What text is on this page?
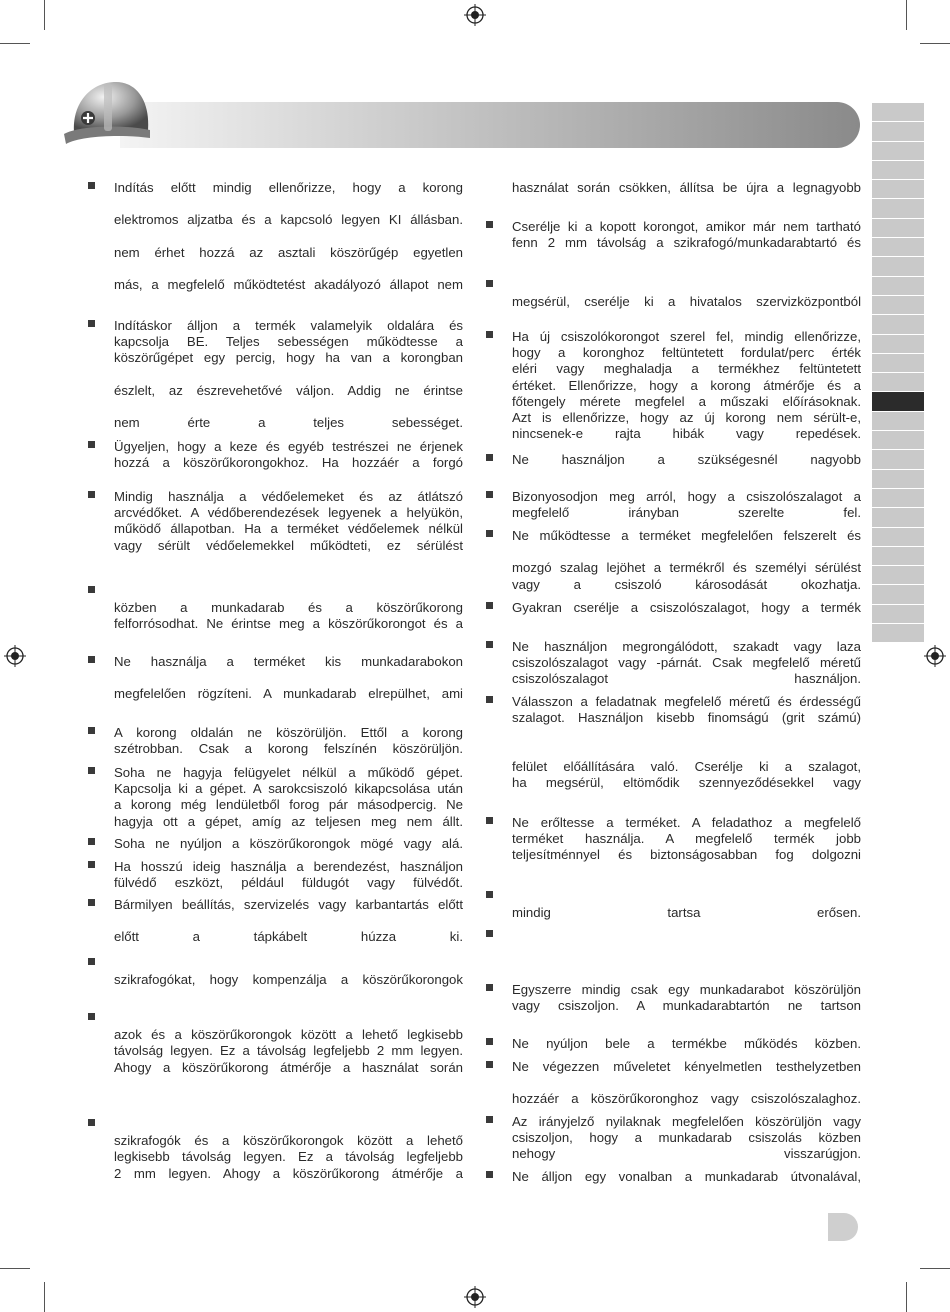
Indítás előtt mindig ellenőrizze, hogy a korong

elektromos aljzatba és a kapcsoló legyen KI állásban.

nem érhet hozzá az asztali köszörűgép egyetlen

más, a megfelelő működtetést akadályozó állapot nem
Indításkor álljon a termék valamelyik oldalára és
kapcsolja BE. Teljes sebességen működtesse a
köszörűgépet egy percig, hogy ha van a korongban

észlelt, az észrevehetővé váljon. Addig ne érintse

nem érte a teljes sebességet.
Ügyeljen, hogy a keze és egyéb testrészei ne érjenek
hozzá a köszörűkorongokhoz. Ha hozzáér a forgó
Mindig használja a védőelemeket és az átlátszó
arcvédőket. A védőberendezések legyenek a helyükön,
működő állapotban. Ha a terméket védőelemek nélkül
vagy sérült védőelemekkel működteti, ez sérülést

közben a munkadarab és a köszörűkorong
felforrósodhat. Ne érintse meg a köszörűkorongot és a
Ne használja a terméket kis munkadarabokon

megfelelően rögzíteni. A munkadarab elrepülhet, ami
A korong oldalán ne köszörüljön. Ettől a korong
szétrobban. Csak a korong felszínén köszörüljön.
Soha ne hagyja felügyelet nélkül a működő gépet.
Kapcsolja ki a gépet. A sarokcsiszoló kikapcsolása után
a korong még lendületből forog pár másodpercig. Ne
hagyja ott a gépet, amíg az teljesen meg nem állt.
Soha ne nyúljon a köszörűkorongok mögé vagy alá.
Ha hosszú ideig használja a berendezést, használjon
fülvédő eszközt, például füldugót vagy fülvédőt.
Bármilyen beállítás, szervizelés vagy karbantartás előtt

előtt a tápkábelt húzza ki.

szikrafogókat, hogy kompenzálja a köszörűkorongok

azok és a köszörűkorongok között a lehető legkisebb
távolság legyen. Ez a távolság legfeljebb 2 mm legyen.
Ahogy a köszörűkorong átmérője a használat során

szikrafogók és a köszörűkorongok között a lehető
legkisebb távolság legyen. Ez a távolság legfeljebb
2 mm legyen. Ahogy a köszörűkorong átmérője a
használat során csökken, állítsa be újra a legnagyobb
Cserélje ki a kopott korongot, amikor már nem tartható
fenn 2 mm távolság a szikrafogó/munkadarabtartó és

megsérül, cserélje ki a hivatalos szervizközpontból
Ha új csiszolókorongot szerel fel, mindig ellenőrizze,
hogy a koronghoz feltüntetett fordulat/perc érték
eléri vagy meghaladja a termékhez feltüntetett
értéket. Ellenőrizze, hogy a korong átmérője és a
főtengely mérete megfelel a műszaki előírásoknak.
Azt is ellenőrizze, hogy az új korong nem sérült-e,
nincsenek-e rajta hibák vagy repedések.
Ne használjon a szükségesnél nagyobb
Bizonyosodjon meg arról, hogy a csiszolószalagot a
megfelelő irányban szerelte fel.
Ne működtesse a terméket megfelelően felszerelt és

mozgó szalag lejöhet a termékről és személyi sérülést
vagy a csiszoló károsodását okozhatja.
Gyakran cserélje a csiszolószalagot, hogy a termék
Ne használjon megrongálódott, szakadt vagy laza
csiszolószalagot vagy -párnát. Csak megfelelő méretű
csiszolószalagot használjon.
Válasszon a feladatnak megfelelő méretű és érdességű
szalagot. Használjon kisebb finomságú (grit számú)

felület előállítására való. Cserélje ki a szalagot,
ha megsérül, eltömődik szennyeződésekkel vagy
Ne erőltesse a terméket. A feladathoz a megfelelő
terméket használja. A megfelelő termék jobb
teljesítménnyel és biztonságosabban fog dolgozni

mindig tartsa erősen.
Egyszerre mindig csak egy munkadarabot köszörüljön
vagy csiszoljon. A munkadarabtartón ne tartson
Ne nyúljon bele a termékbe működés közben.
Ne végezzen műveletet kényelmetlen testhelyzetben

hozzáér a köszörűkoronghoz vagy csiszolószalaghoz.
Az irányjelző nyilaknak megfelelően köszörüljön vagy
csiszoljon, hogy a munkadarab csiszolás közben
nehogy visszarúgjon.
Ne álljon egy vonalban a munkadarab útvonalával,
